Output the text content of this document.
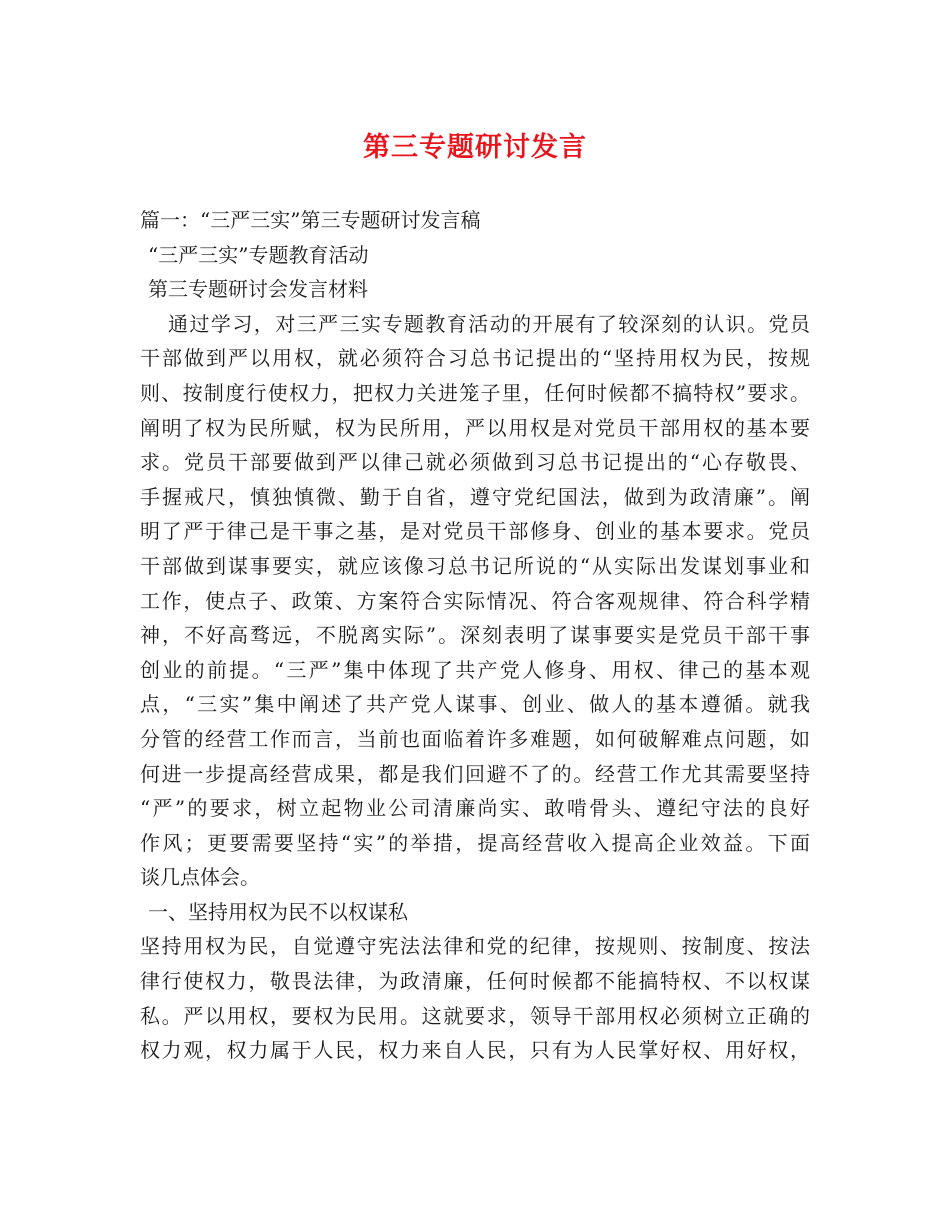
第三专题研讨发言
篇一：“三严三实”第三专题研讨发言稿
“三严三实”专题教育活动
第三专题研讨会发言材料
通过学习，对三严三实专题教育活动的开展有了较深刻的认识。党员
干部做到严以用权，就必须符合习总书记提出的“坚持用权为民，按规
则、按制度行使权力，把权力关进笼子里，任何时候都不搞特权”要求。
阐明了权为民所赋，权为民所用，严以用权是对党员干部用权的基本要
求。党员干部要做到严以律己就必须做到习总书记提出的“心存敬畏、
手握戒尺，慎独慎微、勤于自省，遵守党纪国法，做到为政清廉”。阐
明了严于律己是干事之基，是对党员干部修身、创业的基本要求。党员
干部做到谋事要实，就应该像习总书记所说的“从实际出发谋划事业和
工作，使点子、政策、方案符合实际情况、符合客观规律、符合科学精
神，不好高骛远，不脱离实际”。深刻表明了谋事要实是党员干部干事
创业的前提。“三严”集中体现了共产党人修身、用权、律己的基本观
点，“三实”集中阐述了共产党人谋事、创业、做人的基本遵循。就我
分管的经营工作而言，当前也面临着许多难题，如何破解难点问题，如
何进一步提高经营成果，都是我们回避不了的。经营工作尤其需要坚持
“严”的要求，树立起物业公司清廉尚实、敢啃骨头、遵纪守法的良好
作风；更要需要坚持“实”的举措，提高经营收入提高企业效益。下面
谈几点体会。
一、坚持用权为民不以权谋私
坚持用权为民，自觉遵守宪法法律和党的纪律，按规则、按制度、按法
律行使权力，敬畏法律，为政清廉，任何时候都不能搞特权、不以权谋
私。严以用权，要权为民用。这就要求，领导干部用权必须树立正确的
权力观，权力属于人民，权力来自人民，只有为人民掌好权、用好权，
